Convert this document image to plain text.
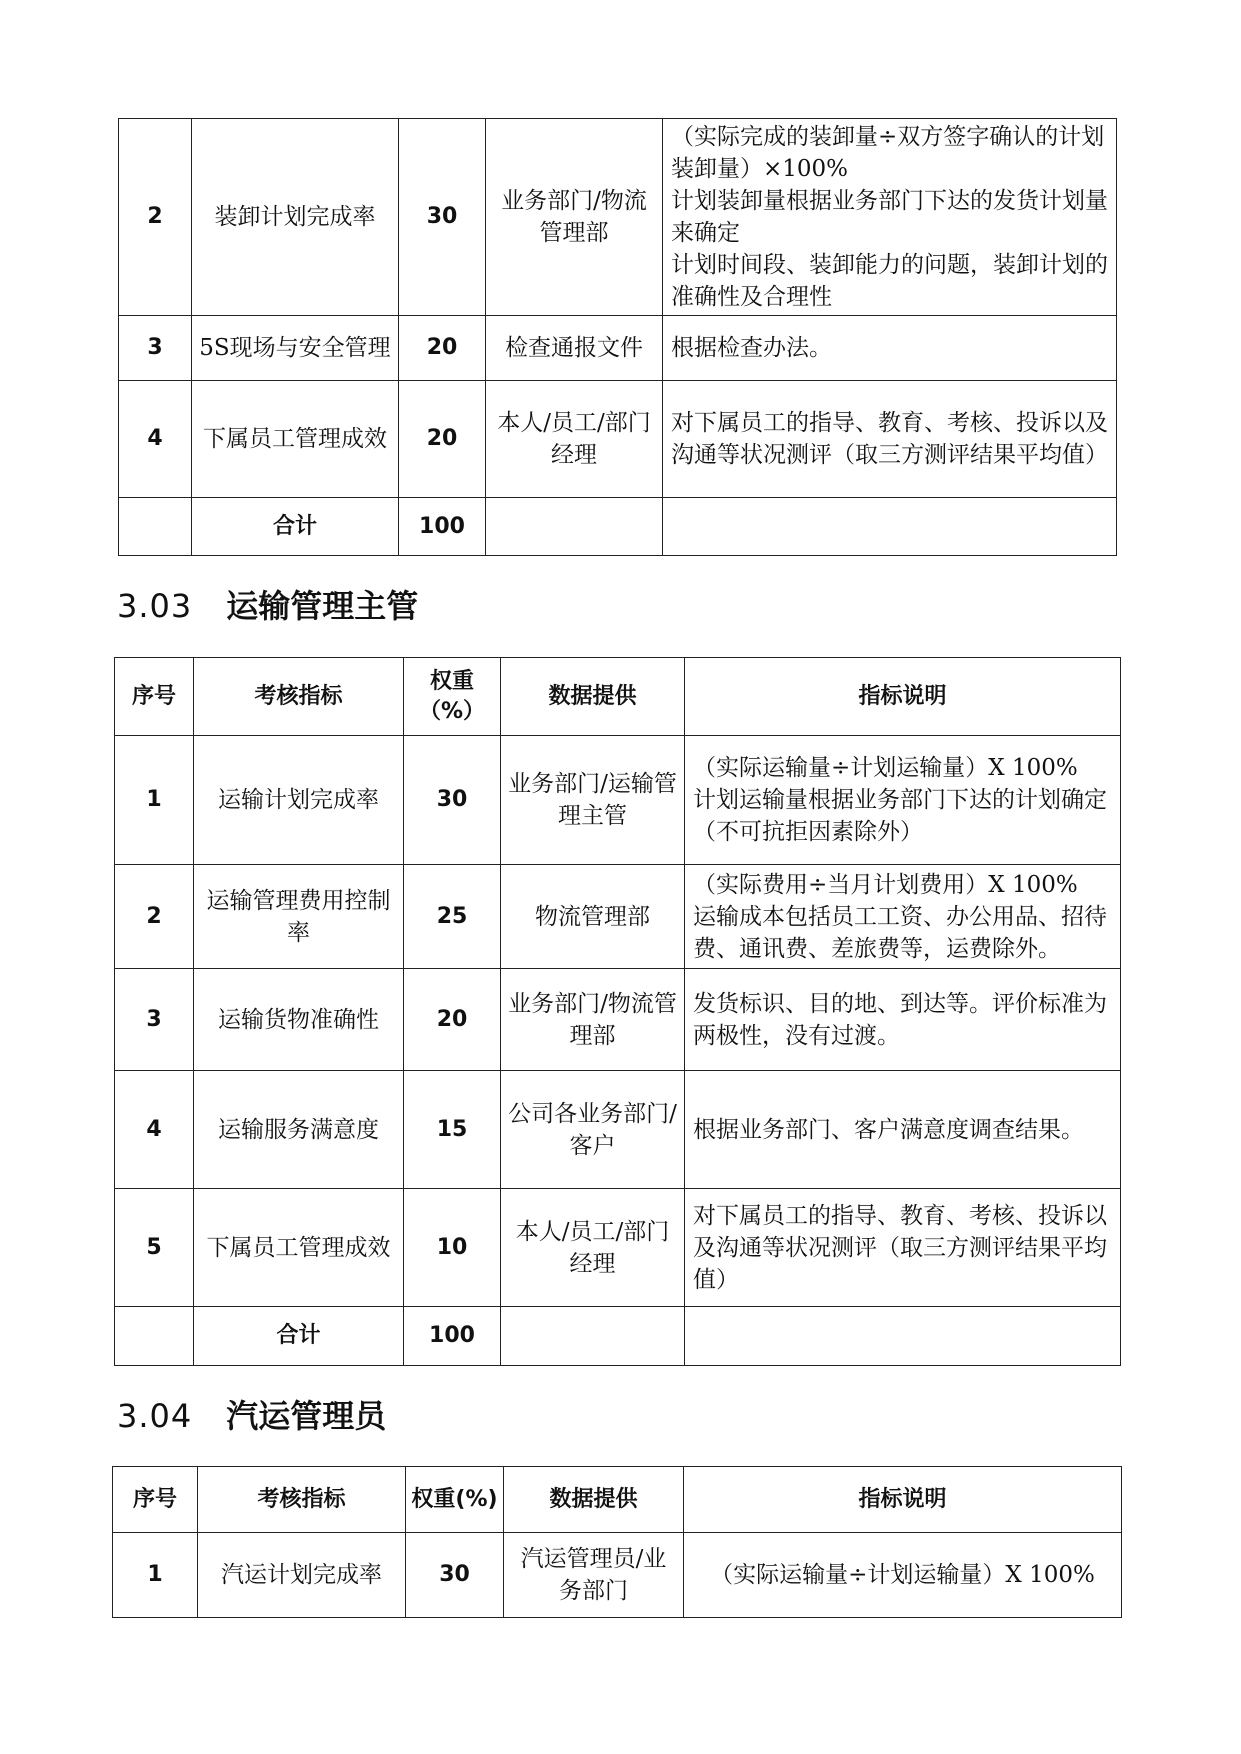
2	装卸计划完成率	30	业务部门/物流管理部	（实际完成的装卸量÷双方签字确认的计划装卸量）×100%
计划装卸量根据业务部门下达的发货计划量来确定
计划时间段、装卸能力的问题，装卸计划的准确性及合理性

3	5S现场与安全管理	20	检查通报文件	根据检查办法。

4	下属员工管理成效	20	本人/员工/部门经理	对下属员工的指导、教育、考核、投诉以及沟通等状况测评（取三方测评结果平均值）

	合计	100		
3.03 运输管理主管
序号	考核指标	权重（%）	数据提供	指标说明
1	运输计划完成率	30	业务部门/运输管理主管	（实际运输量÷计划运输量）X 100%
计划运输量根据业务部门下达的计划确定
（不可抗拒因素除外）

2	运输管理费用控制率	25	物流管理部	（实际费用÷当月计划费用）X 100%
运输成本包括员工工资、办公用品、招待费、通讯费、差旅费等，运费除外。

3	运输货物准确性	20	业务部门/物流管理部	发货标识、目的地、到达等。评价标准为两极性，没有过渡。

4	运输服务满意度	15	公司各业务部门/客户	根据业务部门、客户满意度调查结果。

5	下属员工管理成效	10	本人/员工/部门经理	对下属员工的指导、教育、考核、投诉以及沟通等状况测评（取三方测评结果平均值）

	合计	100		
3.04 汽运管理员
序号	考核指标	权重(%)	数据提供	指标说明
1	汽运计划完成率	30	汽运管理员/业务部门	（实际运输量÷计划运输量）X 100%
